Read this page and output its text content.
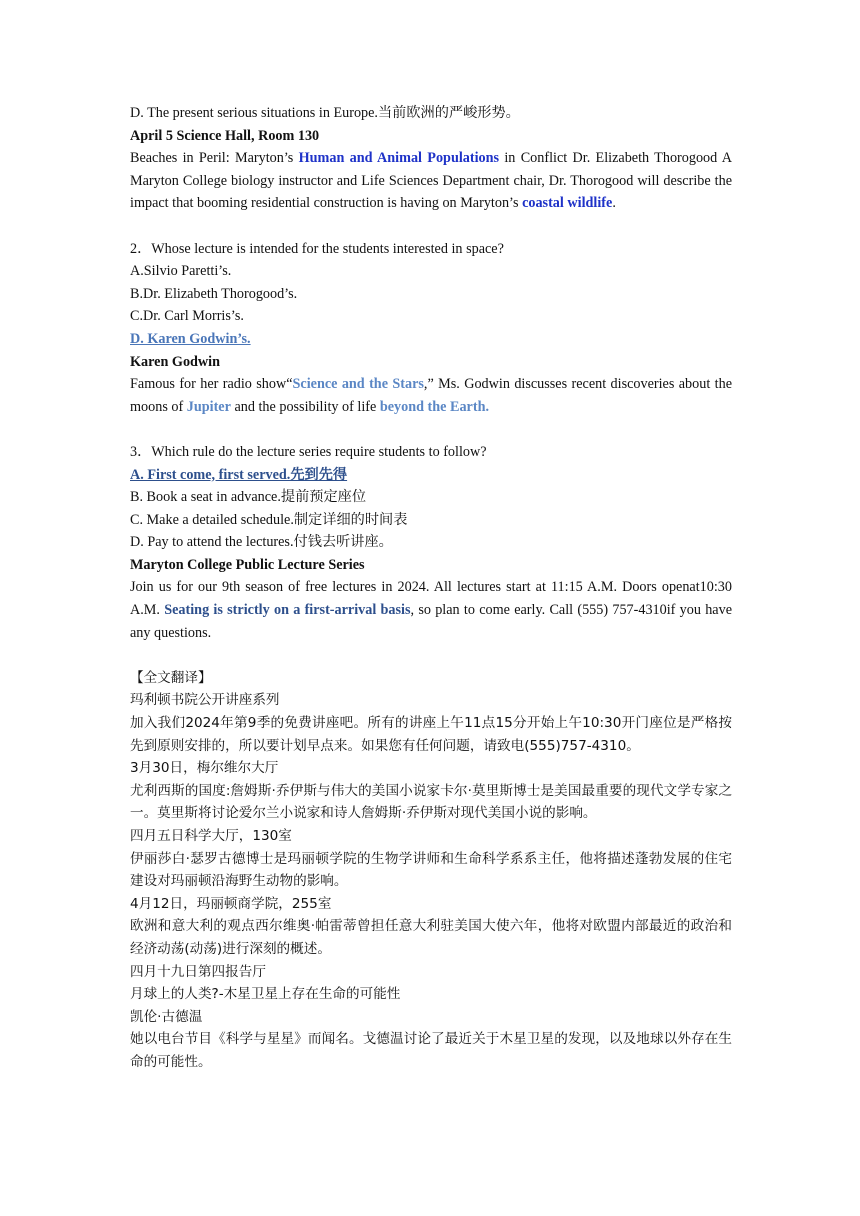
D. The present serious situations in Europe.当前欧洲的严峻形势。

April 5 Science Hall, Room 130

Beaches in Peril: Maryton’s Human and Animal Populations in Conflict Dr. Elizabeth Thorogood A Maryton College biology instructor and Life Sciences Department chair, Dr. Thorogood will describe the impact that booming residential construction is having on Maryton’s coastal wildlife.

2．Whose lecture is intended for the students interested in space?

A.Silvio Paretti’s.

B.Dr. Elizabeth Thorogood’s.

C.Dr. Carl Morris’s.

D. Karen Godwin’s.

Karen Godwin

Famous for her radio show“Science and the Stars,” Ms. Godwin discusses recent discoveries about the moons of Jupiter and the possibility of life beyond the Earth.

3．Which rule do the lecture series require students to follow?

A. First come, first served.先到先得

B. Book a seat in advance.提前预定座位

C. Make a detailed schedule.制定详细的时间表

D. Pay to attend the lectures.付钱去听讲座。

Maryton College Public Lecture Series

Join us for our 9th season of free lectures in 2024. All lectures start at 11:15 A.M. Doors openat10:30 A.M. Seating is strictly on a first-arrival basis, so plan to come early. Call (555) 757-4310if you have any questions.

【全文翻译】

玛利顿书院公开讲座系列

加入我们2024年第9季的免费讲座吧。所有的讲座上午11点15分开始上午10:30开门座位是严格按先到原则安排的，所以要计划早点来。如果您有任何问题，请致电(555)757-4310。

3月30日，梅尔维尔大厅

尤利西斯的国度:詹姆斯·乔伊斯与伟大的美国小说家卡尔·莫里斯博士是美国最重要的现代文学专家之一。莫里斯将讨论爱尔兰小说家和诗人詹姆斯·乔伊斯对现代美国小说的影响。

四月五日科学大厅，130室

伊丽莎白·瑟罗古德博士是玛丽顿学院的生物学讲师和生命科学系系主任，他将描述蓬勃发展的住宅建设对玛丽顿沿海野生动物的影响。

4月12日，玛丽顿商学院，255室

欧洲和意大利的观点西尔维奥·帕雷蒂曾担任意大利驻美国大使六年，他将对欧盟内部最近的政治和经济动荡(动荡)进行深刻的概述。

四月十九日第四报告厅

月球上的人类?-木星卫星上存在生命的可能性

凯伦·古德温

她以电台节目《科学与星星》而闻名。戈德温讨论了最近关于木星卫星的发现，以及地球以外存在生命的可能性。
